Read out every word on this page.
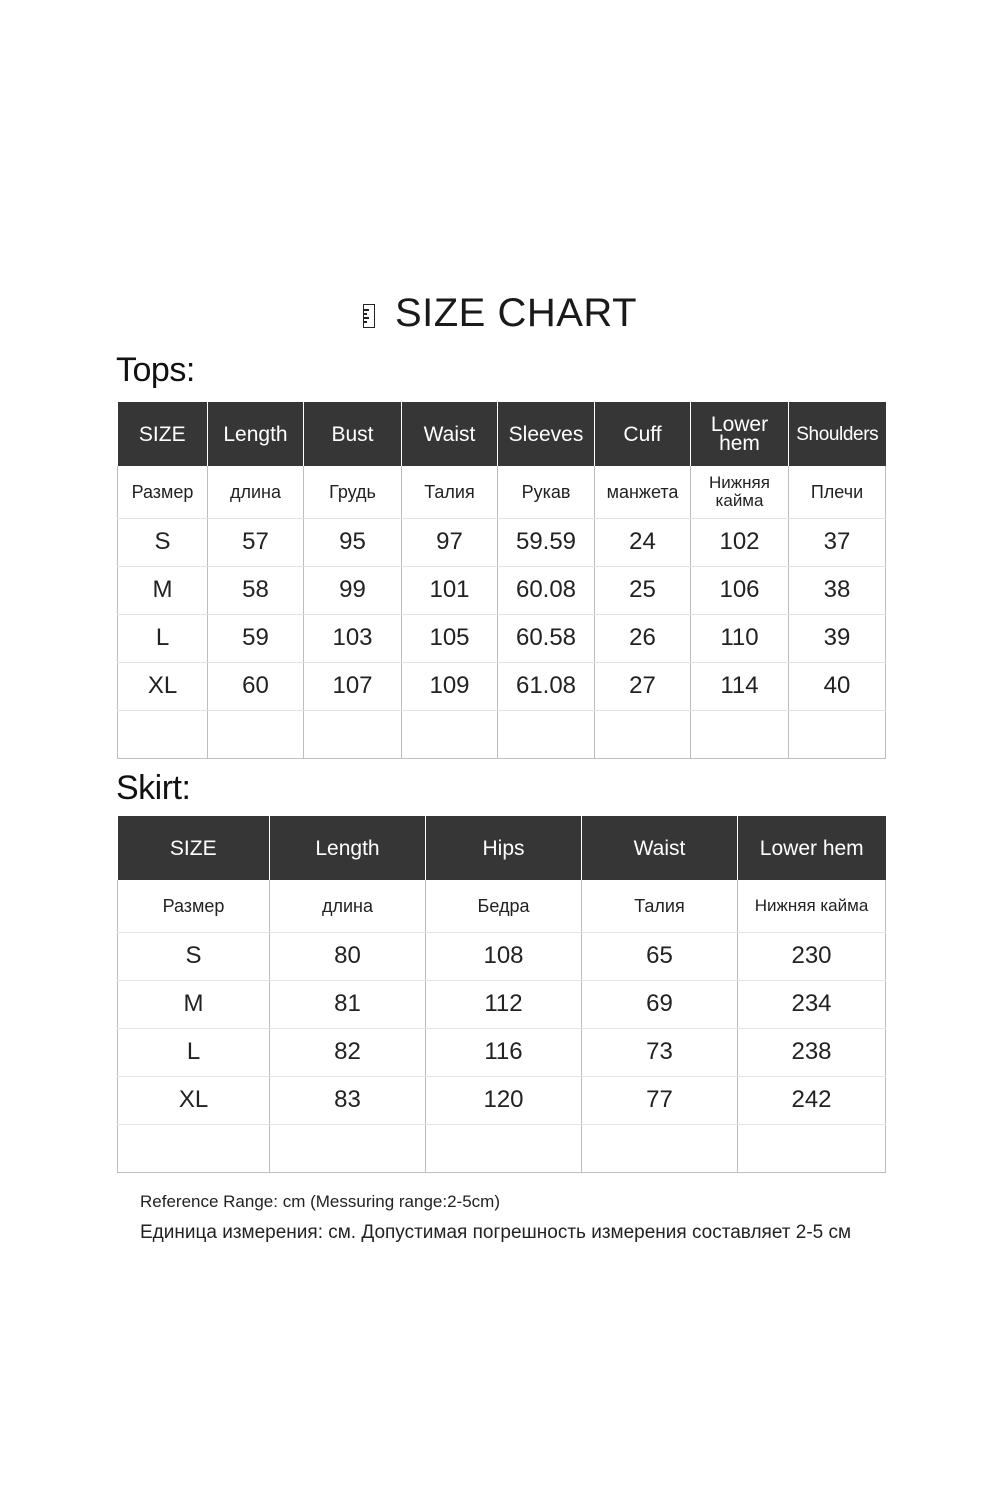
SIZE CHART
Tops:
SIZE	Length	Bust	Waist	Sleeves	Cuff	Lower hem	Shoulders
Размер	длина	Грудь	Талия	Рукав	манжета	Нижняя кайма	Плечи
S	57	95	97	59.59	24	102	37
M	58	99	101	60.08	25	106	38
L	59	103	105	60.58	26	110	39
XL	60	107	109	61.08	27	114	40

Skirt:
SIZE	Length	Hips	Waist	Lower hem
Размер	длина	Бедра	Талия	Нижняя кайма
S	80	108	65	230
M	81	112	69	234
L	82	116	73	238
XL	83	120	77	242

Reference Range: cm (Messuring range:2-5cm)
Единица измерения: см. Допустимая погрешность измерения составляет 2-5 см
